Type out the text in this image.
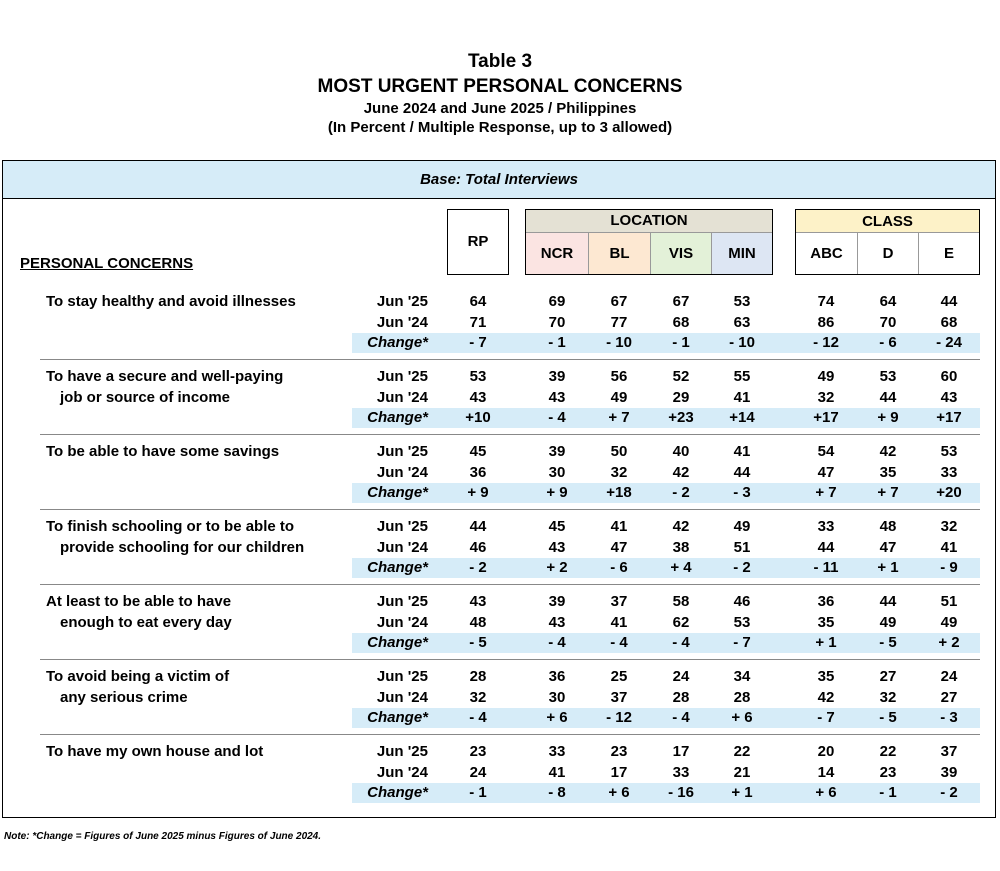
Table 3
MOST URGENT PERSONAL CONCERNS
June 2024 and June 2025 / Philippines
(In Percent / Multiple Response, up to 3 allowed)
Base: Total Interviews
RP
LOCATION
NCR	BL	VIS	MIN
CLASS
ABC	D	E
PERSONAL CONCERNS
To stay healthy and avoid illnesses	Jun '25	64	69	67	67	53	74	64	44
Jun '24	71	70	77	68	63	86	70	68
Change*	- 7	- 1	- 10	- 1	- 10	- 12	- 6	- 24
To have a secure and well-paying
job or source of income
Jun '25	53	39	56	52	55	49	53	60
Jun '24	43	43	49	29	41	32	44	43
Change*	+10	- 4	+ 7	+23	+14	+17	+ 9	+17
To be able to have some savings	Jun '25	45	39	50	40	41	54	42	53
Jun '24	36	30	32	42	44	47	35	33
Change*	+ 9	+ 9	+18	- 2	- 3	+ 7	+ 7	+20
To finish schooling or to be able to
provide schooling for our children
Jun '25	44	45	41	42	49	33	48	32
Jun '24	46	43	47	38	51	44	47	41
Change*	- 2	+ 2	- 6	+ 4	- 2	- 11	+ 1	- 9
At least to be able to have
enough to eat every day
Jun '25	43	39	37	58	46	36	44	51
Jun '24	48	43	41	62	53	35	49	49
Change*	- 5	- 4	- 4	- 4	- 7	+ 1	- 5	+ 2
To avoid being a victim of
any serious crime
Jun '25	28	36	25	24	34	35	27	24
Jun '24	32	30	37	28	28	42	32	27
Change*	- 4	+ 6	- 12	- 4	+ 6	- 7	- 5	- 3
To have my own house and lot	Jun '25	23	33	23	17	22	20	22	37
Jun '24	24	41	17	33	21	14	23	39
Change*	- 1	- 8	+ 6	- 16	+ 1	+ 6	- 1	- 2
Note: *Change = Figures of June 2025 minus Figures of June 2024.
